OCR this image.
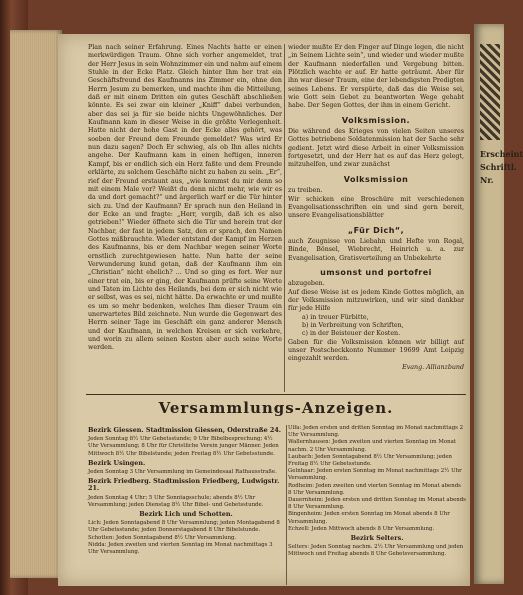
Plan nach seiner Erfahrung. Eines Nachts hatte er einen merkwürdigen Traum. Ohne sich vorher angemeldet, trat der Herr Jesus in sein Wohnzimmer ein und nahm auf einem Stuhle in der Ecke Platz. Gleich hinter Ihm her trat ein Geschäftsfreund des Kaufmanns ins Zimmer ein, ohne den Herrn Jesum zu bemerken, und machte ihm die Mitteilung, daß er mit einem Dritten ein gutes Geschäft abschließen könnte. Es sei zwar ein kleiner „Kniff“ dabei verbunden, aber das sei ja für sie beide nichts Ungewöhnliches. Der Kaufmann kam in dieser Weise in die größte Verlegenheit. Hatte nicht der hohe Gast in der Ecke alles gehört, was soeben der Freund dem Freunde gemeldet? Was wird Er nun dazu sagen? Doch Er schwieg, als ob Ihn alles nichts angehe. Der Kaufmann kam in einen heftigen, inneren Kampf, bis er endlich sich ein Herz faßte und dem Freunde erklärte, zu solchem Geschäfte nicht zu haben zu sein. „Er“, rief der Freund erstaunt aus, „wie kommst du mir denn so mit einem Male vor? Weißt du denn nicht mehr, wie wir es da und dort gemacht?“ und ärgerlich warf er die Tür hinter sich zu. Und der Kaufmann? Er sprach nun den Heiland in der Ecke an und fragte: „Herr, vergib, daß ich es also getrieben!“ Wieder öffnete sich die Tür und herein trat der Nachbar, der fast in jedem Satz, den er sprach, den Namen Gottes mißbrauchte. Wieder entstand der Kampf im Herzen des Kaufmanns, bis er dem Nachbar wegen seiner Worte ernstlich zurechtgewiesen hatte. Nun hatte der seine Verwunderung kund getan, daß der Kaufmann ihm ein „Christian“ nicht ehelich? ... Und so ging es fort. Wer nur einer trat ein, bis er ging, der Kaufmann prüfte seine Worte und Taten im Lichte des Heilands, bei dem er sich nicht wie er selbst, was es sei, nicht hätte. Da erwachte er und mußte es um so mehr bedenken, welches Ihm dieser Traum ein unerwartetes Bild zeichnete. Nun wurde die Gegenwart des Herrn seiner Tage im Geschäft ein ganz anderer Mensch und der Kaufmann, in welchen Kreisen er sich verkehre, und worin zu allem seinen Kosten aber auch seine Worte werden.

wieder mußte Er den Finger auf Dinge legen, die nicht „in Seinem Lichte sein“, und wieder und wieder mußte der Kaufmann niederfallen und Vergebung bitten. Plötzlich wachte er auf. Er hatte geträumt. Aber für ihn war dieser Traum, eine der lebendigsten Predigten seines Lebens. Er verspürte, daß das die Weise sei, wie Gott sein Gebet zu beantworten Wege gehabt habe. Der Segen Gottes, der ihm in einem Gericht.

Volksmission.

Die während des Krieges von vielen Seiten unseres Gottes betriebene Soldatenmission hat der Sache sehr gedient. Jetzt wird diese Arbeit in einer Volksmission fortgesetzt, und der Herr hat es auf das Herz gelegt, mitzuhelfen, und zwar zunächst

Volksmission

zu treiben.

Wir schicken eine Broschüre mit verschiedenen Evangelisationsschriften ein und sind gern bereit, unsere Evangelisationsblätter

„Für Dich“,

auch Zeugnisse von Liebahn und Hefte von Rogal, Binde, Bönsel, Wiebrecht, Heinrich u. a. zur Evangelisation, Gratisverteilung an Unbekehrte

umsonst und portofrei

abzugeben.

Auf diese Weise ist es jedem Kinde Gottes möglich, an der Volksmission mitzuwirken, und wir sind dankbar für jede Hilfe

a) in treuer Fürbitte,

b) in Verbreitung von Schriften,

c) in der Beisteuer der Kosten.

Gaben für die Volksmission können wir billigt auf unser Postscheckkonto Nummer 19699 Amt Leipzig eingezahlt werden.

Evang. Allianzbund

Versammlungs-Anzeigen.
Bezirk Giessen. Stadtmission Giessen, Oderstraße 24.

Jeden Sonntag 8½ Uhr Gebetsstunde; 9 Uhr Bibelbesprechung; 4½ Uhr Versammlung; 8 Uhr für Christliche Verein junger Männer. Jeden Mittwoch 8½ Uhr Bibelstunde; jeden Freitag 8½ Uhr Gebetsstunde.

Bezirk Usingen.

Jeden Sonntag 3 Uhr Versammlung im Gemeindesaal Rathausstraße.

Bezirk Friedberg. Stadtmission Friedberg, Ludwigstr. 21.

Jeden Sonntag 4 Uhr; 5 Uhr Sonntagsschule; abends 8½ Uhr Versammlung; jeden Dienstag 8½ Uhr Bibel- und Gebetsstunde.

Bezirk Lich und Schotten.

Lich: Jeden Sonntagabend 8 Uhr Versammlung; jeden Montagabend 8 Uhr Gebetsstunde; jeden Donnerstagabend 8 Uhr Bibelstunde.

Schotten: Jeden Sonntagabend 8½ Uhr Versammlung.

Nidda: Jeden zweiten und vierten Sonntag im Monat nachmittags 3 Uhr Versammlung.

Ulfa: Jeden ersten und dritten Sonntag im Monat nachmittags 2 Uhr Versammlung.

Wallernhausen: Jeden zweiten und vierten Sonntag im Monat nachm. 2 Uhr Versammlung.

Laubach: Jeden Sonntagabend 8½ Uhr Versammlung; jeden Freitag 8½ Uhr Gebetsstunde.

Gelnhaar: Jeden ersten Sonntag im Monat nachmittags 2½ Uhr Versammlung.

Rodheim: Jeden zweiten und vierten Sonntag im Monat abends 8 Uhr Versammlung.

Dauernheim: Jeden ersten und dritten Sonntag im Monat abends 8 Uhr Versammlung.

Bingenheim: Jeden ersten Sonntag im Monat abends 8 Uhr Versammlung.

Echzell: Jeden Mittwoch abends 8 Uhr Versammlung.

Bezirk Selters.

Selters: Jeden Sonntag nachm. 2½ Uhr Versammlung und jeden Mittwoch und Freitag abends 8 Uhr Gebetsversammlung.

Erscheint
Schriftl.
Nr.
